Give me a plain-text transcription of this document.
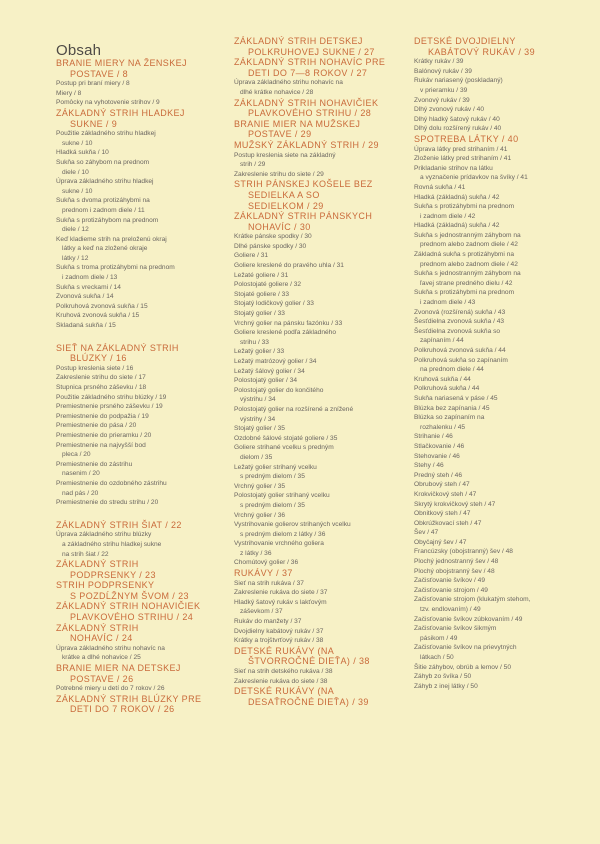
Obsah
BRANIE MIERY NA ŽENSKEJ
POSTAVE / 8
Postup pri braní miery / 8
Miery / 8
Pomôcky na vyhotovenie strihov / 9
ZÁKLADNÝ STRIH HLADKEJ
SUKNE / 9
Použitie základného strihu hladkej
sukne / 10
Hladká sukňa / 10
Sukňa so záhybom na prednom
diele / 10
Úprava základného strihu hladkej
sukne / 10
Sukňa s dvoma protizáhybmi na
prednom i zadnom diele / 11
Sukňa s protizáhybom na prednom
diele / 12
Keď kladieme strih na preloženú okraj
látky a keď na zložené okraje
látky / 12
Sukňa s troma protizáhybmi na prednom
i zadnom diele / 13
Sukňa s vreckami / 14
Zvonová sukňa / 14
Polkruhová zvonová sukňa / 15
Kruhová zvonová sukňa / 15
Skladaná sukňa / 15
SIEŤ NA ZÁKLADNÝ STRIH
BLÚZKY / 16
Postup kreslenia siete / 16
Zakreslenie strihu do siete / 17
Stupnica prsného záševku / 18
Použitie základného strihu blúzky / 19
Premiestnenie prsného záševku / 19
Premiestnenie do podpažia / 19
Premiestnenie do pása / 20
Premiestnenie do prieramku / 20
Premiestnenie na najvyšší bod
pleca / 20
Premiestnenie do zástrihu
nasenim / 20
Premiestnenie do ozdobného zástrihu
nad pás / 20
Premiestnenie do stredu strihu / 20
ZÁKLADNÝ STRIH ŠIAT / 22
Úprava základného strihu blúzky
a základného strihu hladkej sukne
na strih šiat / 22
ZÁKLADNÝ STRIH
PODPRSENKY / 23
STRIH PODPRSENKY
S POZDĹŽNYM ŠVOM / 23
ZÁKLADNÝ STRIH NOHAVIČIEK
PLAVKOVÉHO STRIHU / 24
ZÁKLADNÝ STRIH
NOHAVÍC / 24
Úprava základného strihu nohavíc na
krátke a dlhé nohavice / 25
BRANIE MIER NA DETSKEJ
POSTAVE / 26
Potrebné miery u detí do 7 rokov / 26
ZÁKLADNÝ STRIH BLÚZKY PRE
DETI DO 7 ROKOV / 26
ZÁKLADNÝ STRIH DETSKEJ
POLKRUHOVEJ SUKNE / 27
ZÁKLADNÝ STRIH NOHAVÍC PRE
DETI DO 7—8 ROKOV / 27
Úprava základného strihu nohavíc na
dlhé krátke nohavice / 28
ZÁKLADNÝ STRIH NOHAVIČIEK
PLAVKOVÉHO STRIHU / 28
BRANIE MIER NA MUŽSKEJ
POSTAVE / 29
MUŽSKÝ ZÁKLADNÝ STRIH / 29
Postup kreslenia siete na základný
strih / 29
Zakreslenie strihu do siete / 29
STRIH PÁNSKEJ KOŠELE BEZ
SEDIELKA A SO
SEDIELKOM / 29
ZÁKLADNÝ STRIH PÁNSKYCH
NOHAVÍC / 30
Krátke pánske spodky / 30
Dlhé pánske spodky / 30
Goliere / 31
Goliere kreslené do pravého uhla / 31
Ležaté goliere / 31
Polostojaté goliere / 32
Stojaté goliere / 33
Stojatý lodičkový golier / 33
Stojatý golier / 33
Vrchný golier na pánsku fazónku / 33
Goliere kreslené podľa základného
strihu / 33
Ležatý golier / 33
Ležatý matrózový golier / 34
Ležatý šálový golier / 34
Polostojatý golier / 34
Polostojatý golier do končitého
výstrihu / 34
Polostojatý golier na rozšírené a znížené
výstrihy / 34
Stojatý golier / 35
Ozdobné šálové stojaté goliere / 35
Goliere strihané vcelku s predným
dielom / 35
Ležatý golier strihaný vcelku
s predným dielom / 35
Vrchný golier / 35
Polostojatý golier strihaný vcelku
s predným dielom / 35
Vrchný golier / 36
Vystrihovanie golierov strihaných vcelku
s predným dielom z látky / 36
Vystrihovanie vrchného goliera
z látky / 36
Chomútový golier / 36
RUKÁVY / 37
Sieť na strih rukáva / 37
Zakreslenie rukáva do siete / 37
Hladký šatový rukáv s lakťovým
záševkom / 37
Rukáv do manžety / 37
Dvojdielny kabátový rukáv / 37
Krátky a trojštvrťový rukáv / 38
DETSKÉ RUKÁVY (NA
ŠTVORROČNÉ DIEŤA) / 38
Sieť na strih detského rukáva / 38
Zakreslenie rukáva do siete / 38
DETSKÉ RUKÁVY (NA
DESAŤROČNÉ DIEŤA) / 39
DETSKÉ DVOJDIELNY
KABÁTOVÝ RUKÁV / 39
Krátky rukáv / 39
Balónový rukáv / 39
Rukáv nariasený (poskladaný)
v prieramku / 39
Zvonový rukáv / 39
Dlhý zvonový rukáv / 40
Dlhý hladký šatový rukáv / 40
Dlhý dolu rozšírený rukáv / 40
SPOTREBA LÁTKY / 40
Úprava látky pred strihaním / 41
Zloženie látky pred strihaním / 41
Prikladanie strihov na látku
a vyznačenie prídavkov na švíky / 41
Rovná sukňa / 41
Hladká (základná) sukňa / 42
Sukňa s protizáhybmi na prednom
i zadnom diele / 42
Hladká (základná) sukňa / 42
Sukňa s jednostranným záhybom na
prednom alebo zadnom diele / 42
Základná sukňa s protizáhybmi na
prednom alebo zadnom diele / 42
Sukňa s jednostranným záhybom na
ľavej strane predného dielu / 42
Sukňa s protizáhybmi na prednom
i zadnom diele / 43
Zvonová (rozšírená) sukňa / 43
Šesťdielna zvonová sukňa / 43
Šesťdielna zvonová sukňa so
zapínaním / 44
Polkruhová zvonová sukňa / 44
Polkruhová sukňa so zapínaním
na prednom diele / 44
Kruhová sukňa / 44
Polkruhová sukňa / 44
Sukňa nariasená v páse / 45
Blúzka bez zapínania / 45
Blúzka so zapínaním na
rozhalenku / 45
Strihanie / 46
Stlačkovanie / 46
Stehovanie / 46
Stehy / 46
Predný steh / 46
Obrubový steh / 47
Krokvičkový steh / 47
Skrytý krokvičkový steh / 47
Obnitkový steh / 47
Obkrúžkovací steh / 47
Šev / 47
Obyčajný šev / 47
Francúzsky (obojstranný) šev / 48
Plochý jednostranný šev / 48
Plochý obojstranný šev / 48
Začisťovanie švíkov / 49
Začisťovanie strojom / 49
Začisťovanie strojom (klukatým stehom,
tzv. endlovaním) / 49
Začisťovanie švíkov zúbkovaním / 49
Začisťovanie švíkov šikmým
pásikom / 49
Začisťovanie švíkov na prievytných
látkach / 50
Šitie záhybov, obrúb a lemov / 50
Záhyb zo švíka / 50
Záhyb z inej látky / 50
